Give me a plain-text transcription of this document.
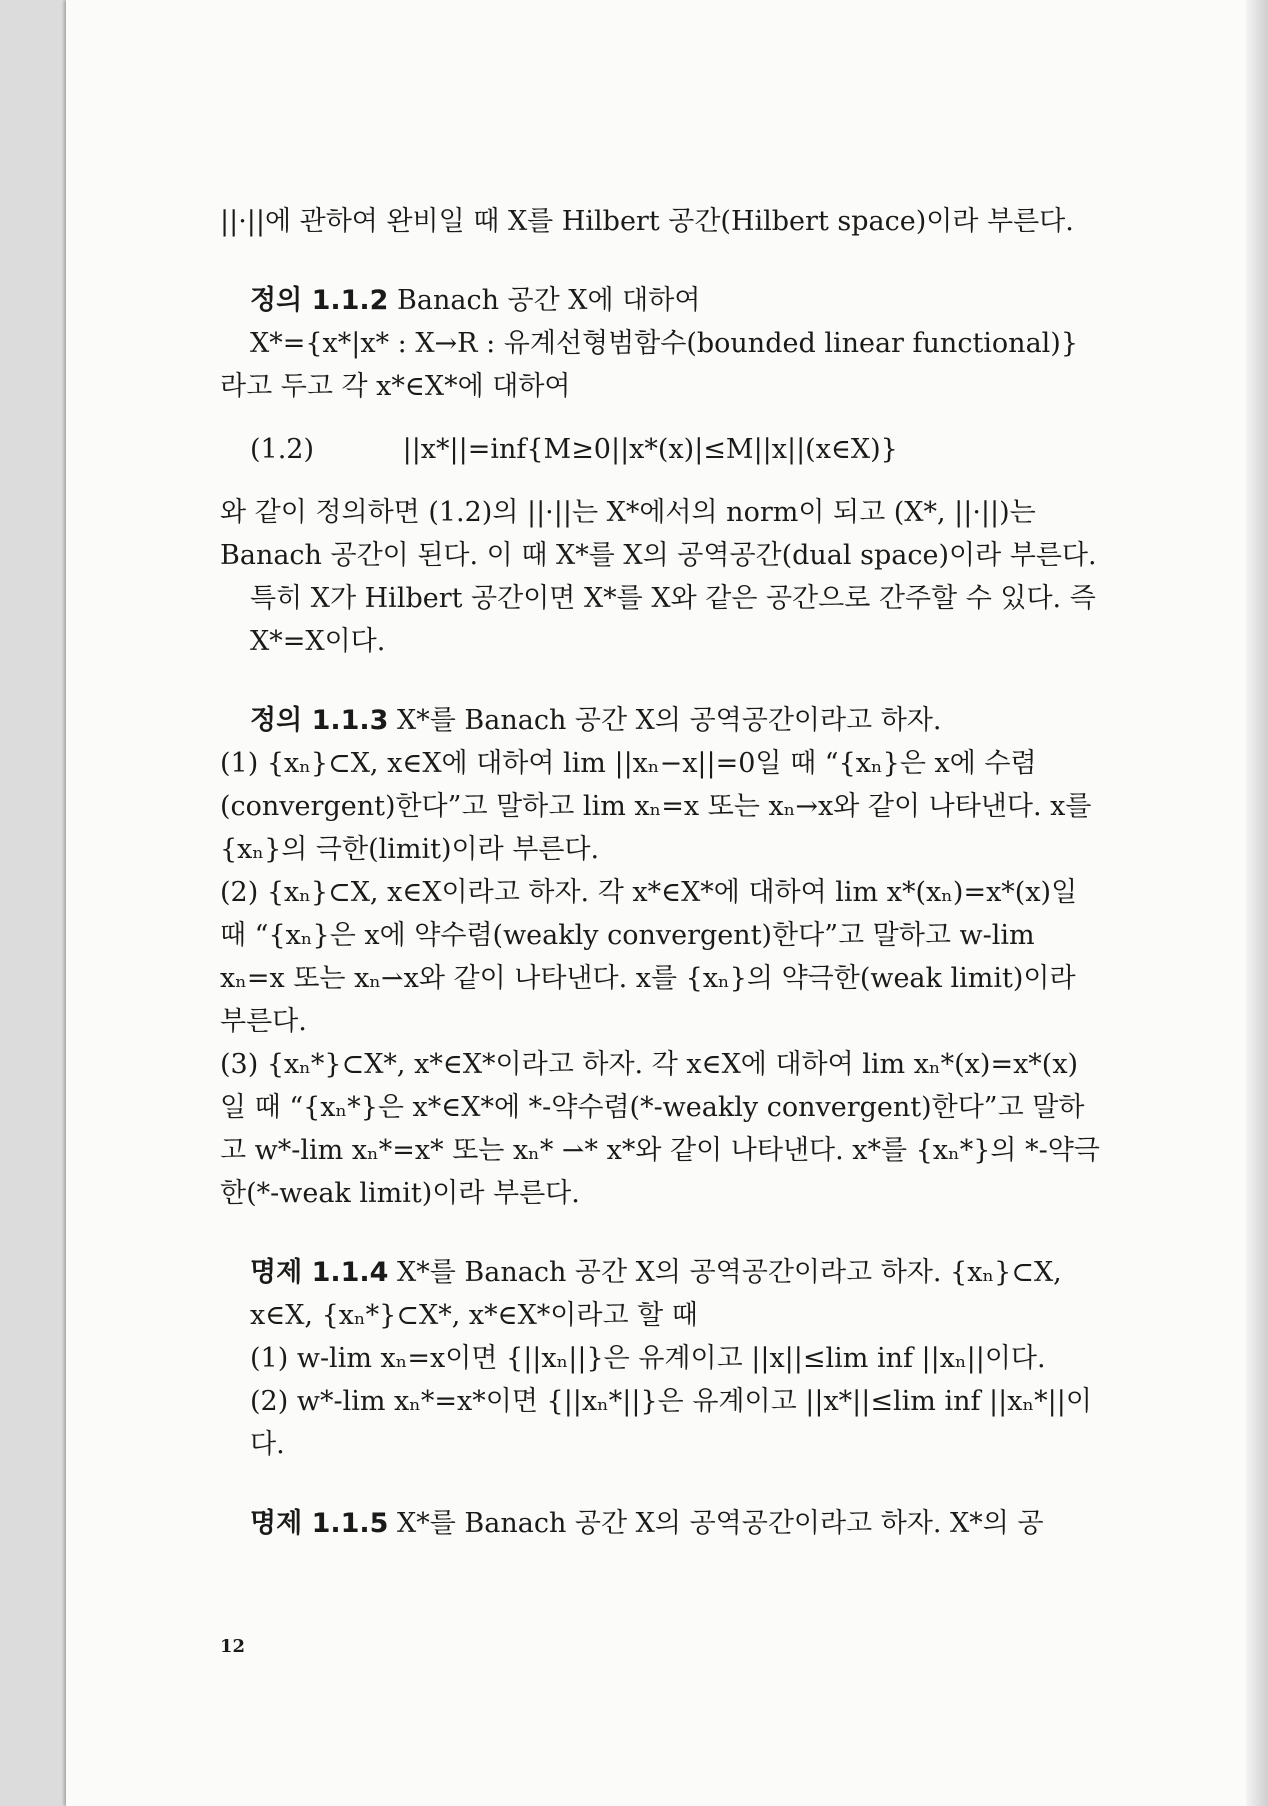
||·||에 관하여 완비일 때 X를 Hilbert 공간(Hilbert space)이라 부른다.

정의 1.1.2 Banach 공간 X에 대하여

X*={x*|x* : X→R : 유계선형범함수(bounded linear functional)}

라고 두고 각 x*∈X*에 대하여

(1.2)	||x*||=inf{M≥0||x*(x)|≤M||x||(x∈X)}

와 같이 정의하면 (1.2)의 ||·||는 X*에서의 norm이 되고 (X*, ||·||)는 Banach 공간이 된다. 이 때 X*를 X의 공역공간(dual space)이라 부른다.

특히 X가 Hilbert 공간이면 X*를 X와 같은 공간으로 간주할 수 있다. 즉 X*=X이다.

정의 1.1.3 X*를 Banach 공간 X의 공역공간이라고 하자.

(1) {xₙ}⊂X, x∈X에 대하여 lim ||xₙ−x||=0일 때 “{xₙ}은 x에 수렴(convergent)한다”고 말하고 lim xₙ=x 또는 xₙ→x와 같이 나타낸다. x를 {xₙ}의 극한(limit)이라 부른다.

(2) {xₙ}⊂X, x∈X이라고 하자. 각 x*∈X*에 대하여 lim x*(xₙ)=x*(x)일 때 “{xₙ}은 x에 약수렴(weakly convergent)한다”고 말하고 w-lim xₙ=x 또는 xₙ⇀x와 같이 나타낸다. x를 {xₙ}의 약극한(weak limit)이라 부른다.

(3) {xₙ*}⊂X*, x*∈X*이라고 하자. 각 x∈X에 대하여 lim xₙ*(x)=x*(x)일 때 “{xₙ*}은 x*∈X*에 *-약수렴(*-weakly convergent)한다”고 말하고 w*-lim xₙ*=x* 또는 xₙ* ⇀* x*와 같이 나타낸다. x*를 {xₙ*}의 *-약극한(*-weak limit)이라 부른다.

명제 1.1.4 X*를 Banach 공간 X의 공역공간이라고 하자. {xₙ}⊂X, x∈X, {xₙ*}⊂X*, x*∈X*이라고 할 때

(1) w-lim xₙ=x이면 {||xₙ||}은 유계이고 ||x||≤lim inf ||xₙ||이다.

(2) w*-lim xₙ*=x*이면 {||xₙ*||}은 유계이고 ||x*||≤lim inf ||xₙ*||이다.

명제 1.1.5 X*를 Banach 공간 X의 공역공간이라고 하자. X*의 공

12
